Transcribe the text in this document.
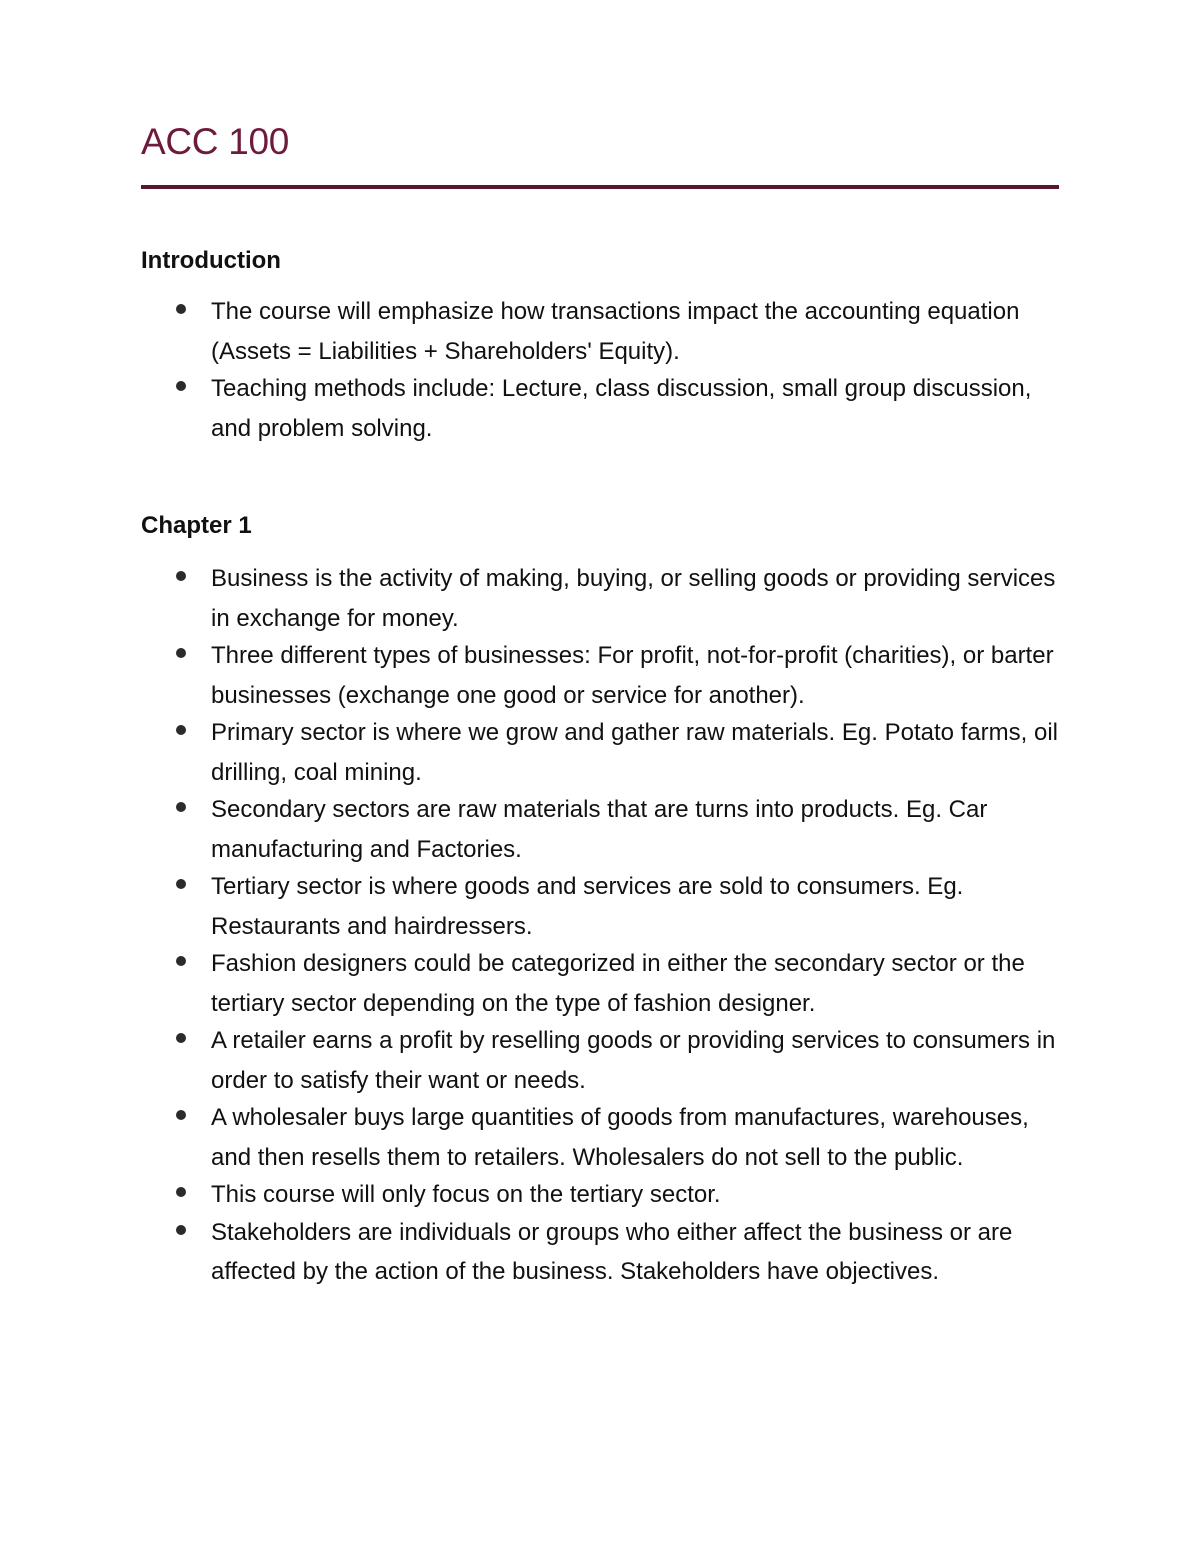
ACC 100
Introduction
The course will emphasize how transactions impact the accounting equation (Assets = Liabilities + Shareholders' Equity).
Teaching methods include: Lecture, class discussion, small group discussion, and problem solving.
Chapter 1
Business is the activity of making, buying, or selling goods or providing services in exchange for money.
Three different types of businesses: For profit, not-for-profit (charities), or barter businesses (exchange one good or service for another).
Primary sector is where we grow and gather raw materials. Eg. Potato farms, oil drilling, coal mining.
Secondary sectors are raw materials that are turns into products. Eg. Car manufacturing and Factories.
Tertiary sector is where goods and services are sold to consumers. Eg. Restaurants and hairdressers.
Fashion designers could be categorized in either the secondary sector or the tertiary sector depending on the type of fashion designer.
A retailer earns a profit by reselling goods or providing services to consumers in order to satisfy their want or needs.
A wholesaler buys large quantities of goods from manufactures, warehouses, and then resells them to retailers. Wholesalers do not sell to the public.
This course will only focus on the tertiary sector.
Stakeholders are individuals or groups who either affect the business or are affected by the action of the business. Stakeholders have objectives.
